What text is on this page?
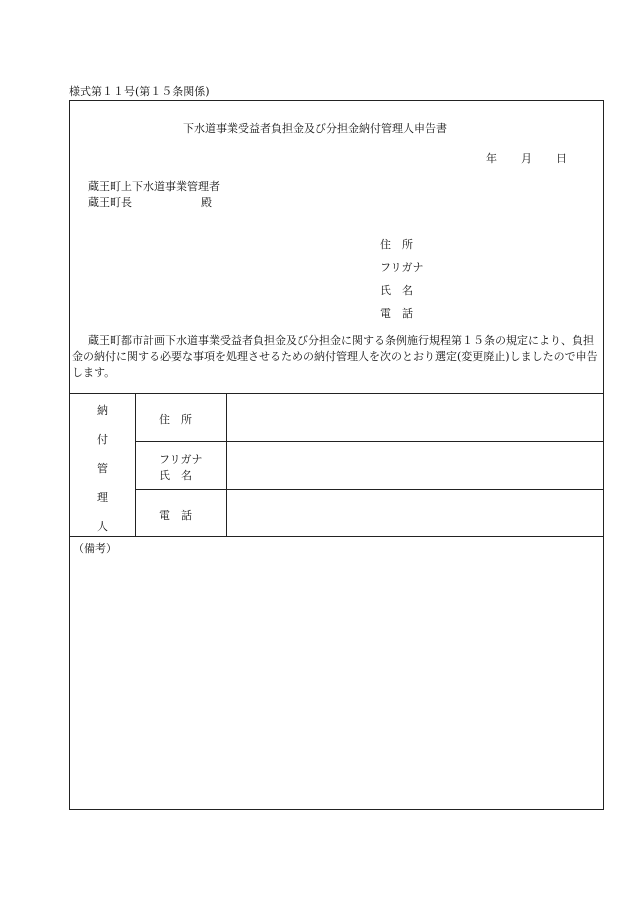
様式第１１号(第１５条関係)
下水道事業受益者負担金及び分担金納付管理人申告書
年 月 日
蔵王町上下水道事業管理者
蔵王町長	殿
住　所
フリガナ
氏　名
電　話
蔵王町都市計画下水道事業受益者負担金及び分担金に関する条例施行規程第１５条の規定により、負担金の納付に関する必要な事項を処理させるための納付管理人を次のとおり選定(変更廃止)しましたので申告します。
納
付
管
理
人
住　所
フリガナ
氏　名
電　話
（備考）
